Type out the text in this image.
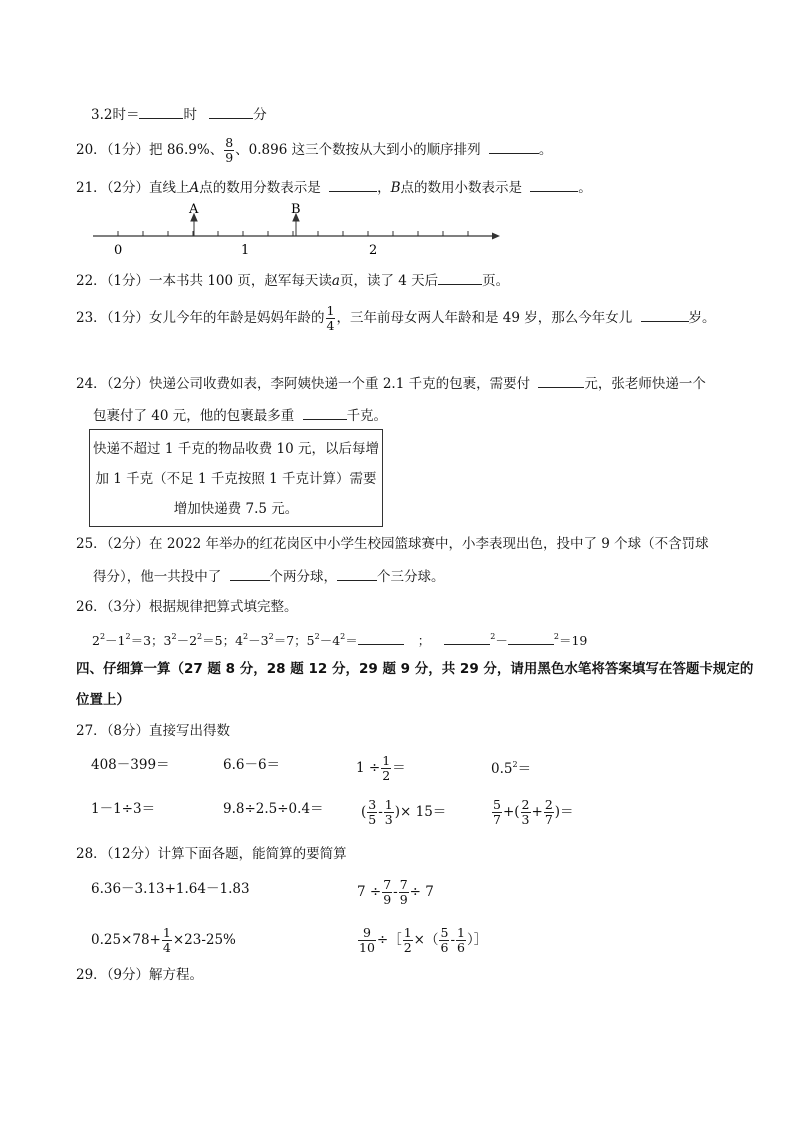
3.2时＝	时	分
20．（1分）把 86.9%、 $\frac{8}{9}$ 、0.896 这三个数按从大到小的顺序排列	。
21．（2分）直线上A点的数用分数表示是	，B点的数用小数表示是	。
A	B
0	1	2
22．（1分）一本书共 100 页，赵军每天读a页，读了 4 天后	页。
23．（1分）女儿今年的年龄是妈妈年龄的 $\frac{1}{4}$ ，三年前母女两人年龄和是 49 岁，那么今年女儿	岁。
24．（2分）快递公司收费如表，李阿姨快递一个重 2.1 千克的包裹，需要付	元，张老师快递一个
包裹付了 40 元，他的包裹最多重	千克。
快递不超过 1 千克的物品收费 10 元，以后每增
加 1 千克（不足 1 千克按照 1 千克计算）需要
增加快递费 7.5 元。
25．（2分）在 2022 年举办的红花岗区中小学生校园篮球赛中，小李表现出色，投中了 9 个球（不含罚球
得分），他一共投中了	个两分球，	个三分球。
26．（3分）根据规律把算式填完整。
$2^2-1^2=3$；$3^2-2^2=5$；$4^2-3^2=7$；$5^2-4^2=$	；	$^2$－	$^2$＝19
四、仔细算一算（27 题 8 分，28 题 12 分，29 题 9 分，共 29 分，请用黑色水笔将答案填写在答题卡规定的
位置上）
27．（8分）直接写出得数
408－399＝	6.6－6＝	$1 \div \frac{1}{2}$ ＝	$0.5^2=$
1－1÷3＝	9.8÷2.5÷0.4＝	( $\frac{3}{5} - \frac{1}{3}$ )× 15＝	$\frac{5}{7}$ +( $\frac{2}{3} + \frac{2}{7}$ )＝
28．（12分）计算下面各题，能简算的要简算
6.36－3.13+1.64－1.83	$7 \div \frac{7}{9} - \frac{7}{9} \div 7$
$0.25\times 78+ \frac{1}{4} \times 23-25\%$	$\frac{9}{10}$ ÷［ $\frac{1}{2}$ ×（ $\frac{5}{6} - \frac{1}{6}$ ）］
29．（9分）解方程。
